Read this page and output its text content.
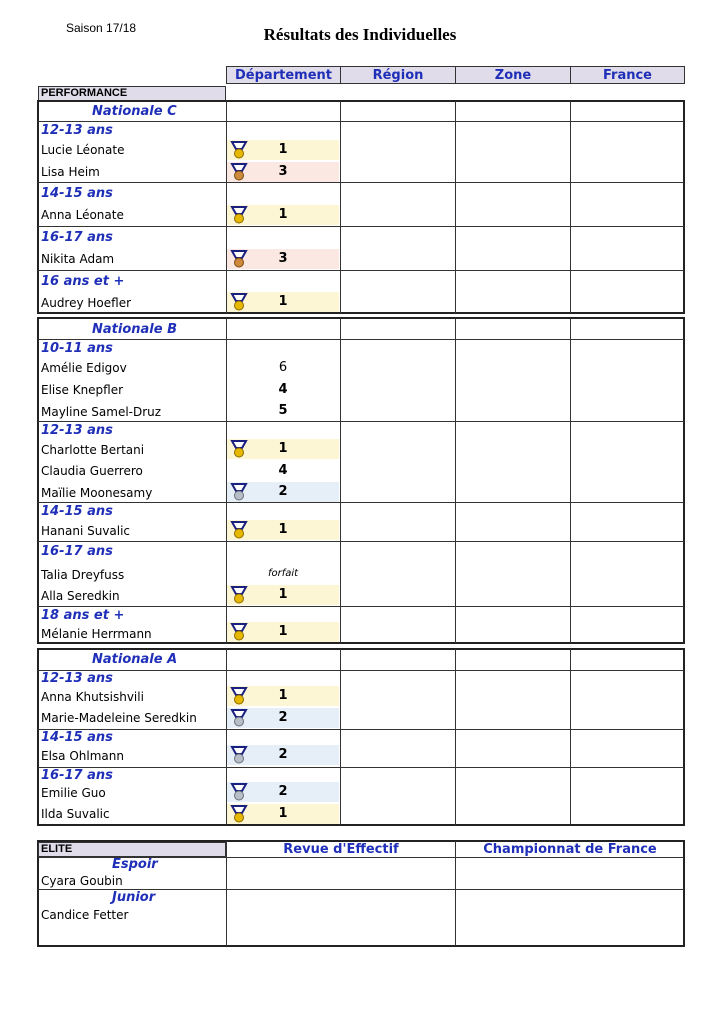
Saison 17/18	Résultats des Individuelles
Département	Région	Zone	France
PERFORMANCE
Nationale C
12-13 ans
Lucie Léonate	1
Lisa Heim	3
14-15 ans
Anna Léonate	1
16-17 ans
Nikita Adam	3
16 ans et +
Audrey Hoefler	1
Nationale B
10-11 ans
Amélie Edigov	6
Elise Knepfler	4
Mayline Samel-Druz	5
12-13 ans
Charlotte Bertani	1
Claudia Guerrero	4
Maïlie Moonesamy	2
14-15 ans
Hanani Suvalic	1
16-17 ans
Talia Dreyfuss	forfait
Alla Seredkin	1
18 ans et +
Mélanie Herrmann	1
Nationale A
12-13 ans
Anna Khutsishvili	1
Marie-Madeleine Seredkin	2
14-15 ans
Elsa Ohlmann	2
16-17 ans
Emilie Guo	2
Ilda Suvalic	1
ELITE	Revue d'Effectif	Championnat de France
Espoir
Cyara Goubin
Junior
Candice Fetter
